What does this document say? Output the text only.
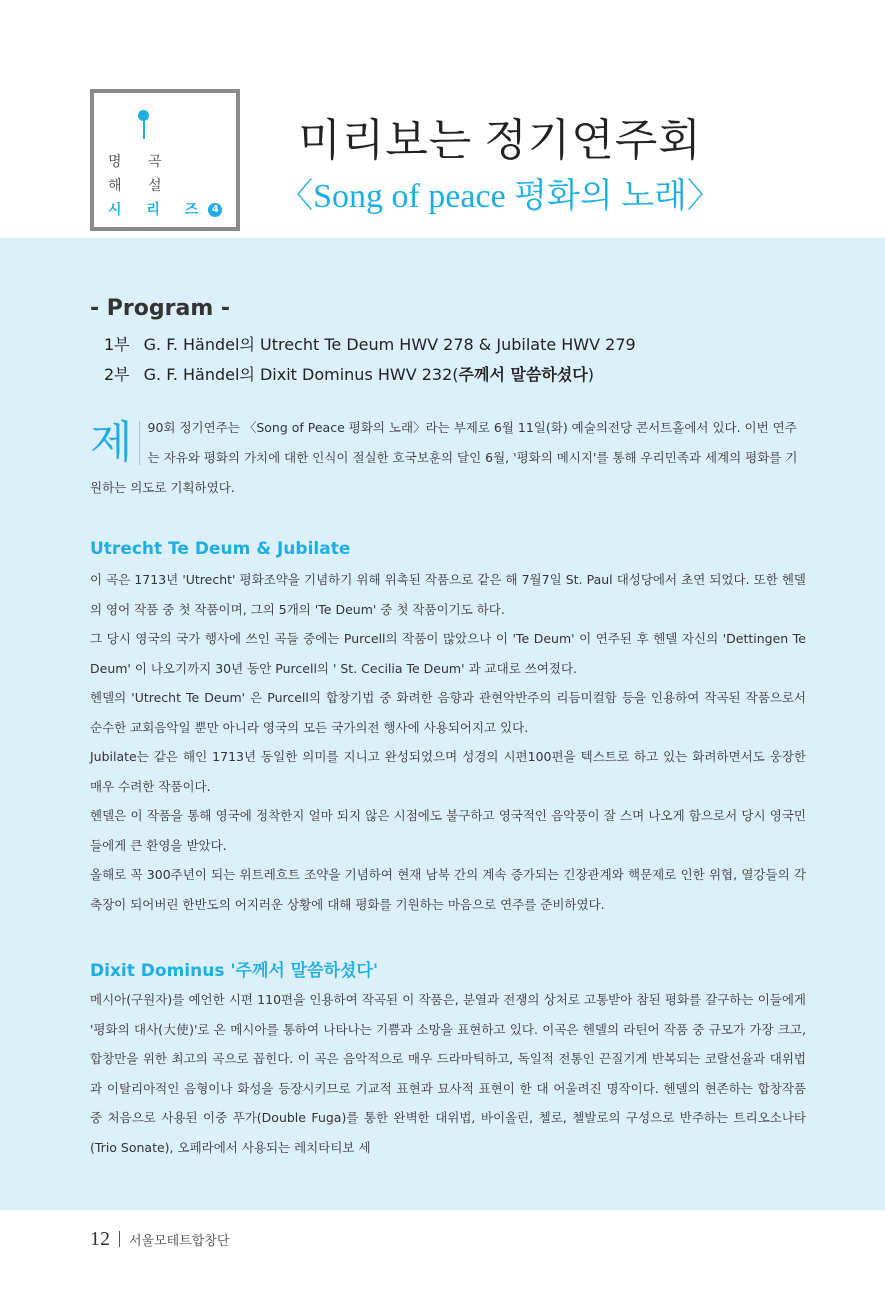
명 곡
해 설
시 리 즈 4
미리보는 정기연주회
〈Song of peace 평화의 노래〉
- Program -
1부 G. F. Händel의 Utrecht Te Deum HWV 278 & Jubilate HWV 279
2부 G. F. Händel의 Dixit Dominus HWV 232(주께서 말씀하셨다)
제	90회 정기연주는 〈Song of Peace 평화의 노래〉라는 부제로 6월 11일(화) 예술의전당 콘서트홀에서 있다. 이번 연주는 자유와 평화의 가치에 대한 인식이 절실한 호국보훈의 달인 6월, '평화의 메시지'를 통해 우리민족과 세계의 평화를 기원하는 의도로 기획하였다.
Utrecht Te Deum & Jubilate

이 곡은 1713년 'Utrecht' 평화조약을 기념하기 위해 위촉된 작품으로 같은 해 7월7일 St. Paul 대성당에서 초연 되었다. 또한 헨델의 영어 작품 중 첫 작품이며, 그의 5개의 'Te Deum' 중 첫 작품이기도 하다.

그 당시 영국의 국가 행사에 쓰인 곡들 중에는 Purcell의 작품이 많았으나 이 'Te Deum' 이 연주된 후 헨델 자신의 'Dettingen Te Deum' 이 나오기까지 30년 동안 Purcell의 ' St. Cecilia Te Deum' 과 교대로 쓰여졌다.

헨델의 'Utrecht Te Deum' 은 Purcell의 합창기법 중 화려한 음향과 관현악반주의 리듬미컬함 등을 인용하여 작곡된 작품으로서 순수한 교회음악일 뿐만 아니라 영국의 모든 국가의전 행사에 사용되어지고 있다.

Jubilate는 같은 해인 1713년 동일한 의미를 지니고 완성되었으며 성경의 시편100편을 텍스트로 하고 있는 화려하면서도 웅장한 매우 수려한 작품이다.

헨델은 이 작품을 통해 영국에 정착한지 얼마 되지 않은 시점에도 불구하고 영국적인 음악풍이 잘 스며 나오게 함으로서 당시 영국민들에게 큰 환영을 받았다.

올해로 꼭 300주년이 되는 위트레흐트 조약을 기념하여 현재 남북 간의 계속 증가되는 긴장관계와 핵문제로 인한 위협, 열강들의 각축장이 되어버린 한반도의 어지러운 상황에 대해 평화를 기원하는 마음으로 연주를 준비하였다.

Dixit Dominus '주께서 말씀하셨다'

메시아(구원자)를 예언한 시편 110편을 인용하여 작곡된 이 작품은, 분열과 전쟁의 상처로 고통받아 참된 평화를 갈구하는 이들에게 '평화의 대사(大使)'로 온 메시아를 통하여 나타나는 기쁨과 소망을 표현하고 있다. 이곡은 헨델의 라틴어 작품 중 규모가 가장 크고, 합창만을 위한 최고의 곡으로 꼽힌다. 이 곡은 음악적으로 매우 드라마틱하고, 독일적 전통인 끈질기게 반복되는 코랄선율과 대위법과 이탈리아적인 음형이나 화성을 등장시키므로 기교적 표현과 묘사적 표현이 한 대 어울려진 명작이다. 헨델의 현존하는 합창작품 중 처음으로 사용된 이중 푸가(Double Fuga)를 통한 완벽한 대위법, 바이올린, 첼로, 첼발로의 구성으로 반주하는 트리오소나타(Trio Sonate), 오페라에서 사용되는 레치타티보 세

12 서울모테트합창단
